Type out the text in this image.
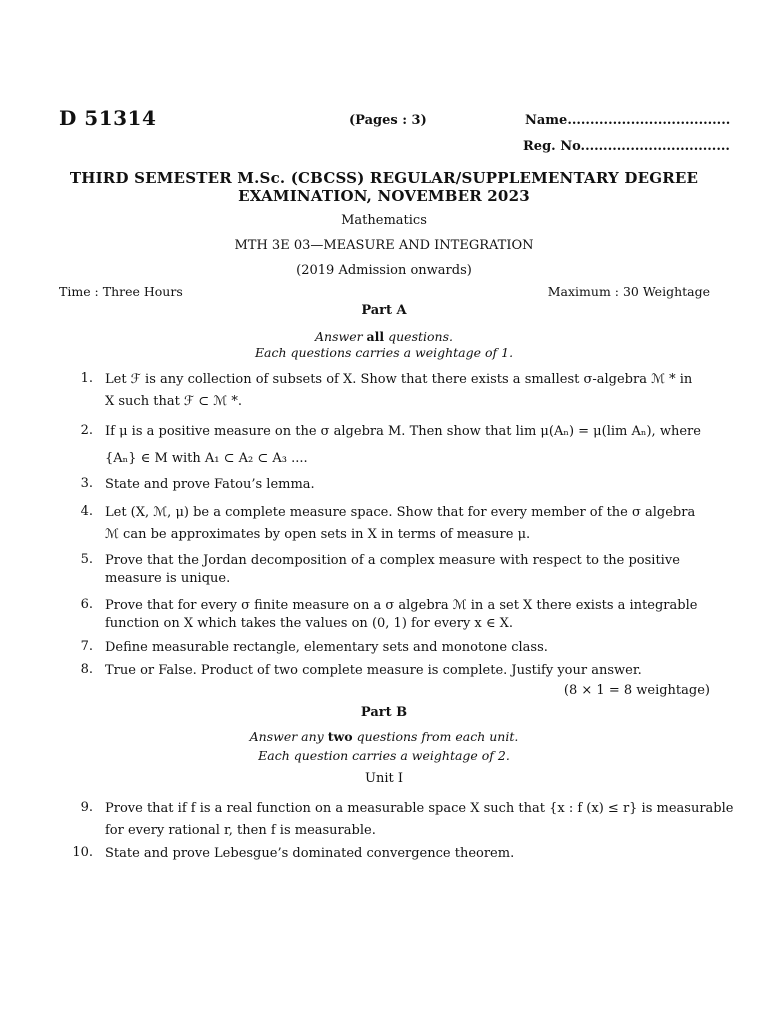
D 51314	(Pages : 3)	Name....................................
Reg. No.................................
THIRD SEMESTER M.Sc. (CBCSS) REGULAR/SUPPLEMENTARY DEGREE
EXAMINATION, NOVEMBER 2023
Mathematics
MTH 3E 03—MEASURE AND INTEGRATION
(2019 Admission onwards)
Time : Three Hours	Maximum : 30 Weightage
Part A
Answer all questions.
Each questions carries a weightage of 1.
1. Let ℱ is any collection of subsets of X. Show that there exists a smallest σ-algebra ℳ * in
X such that ℱ ⊂ ℳ *.
2. If μ is a positive measure on the σ algebra M. Then show that lim μ(Aₙ) = μ(lim Aₙ), where
{Aₙ} ∈ M with A₁ ⊂ A₂ ⊂ A₃ ....
3. State and prove Fatou’s lemma.
4. Let (X, ℳ, μ) be a complete measure space. Show that for every member of the σ algebra
ℳ can be approximates by open sets in X in terms of measure μ.
5. Prove that the Jordan decomposition of a complex measure with respect to the positive
measure is unique.
6. Prove that for every σ finite measure on a σ algebra ℳ in a set X there exists a integrable
function on X which takes the values on (0, 1) for every x ∈ X.
7. Define measurable rectangle, elementary sets and monotone class.
8. True or False. Product of two complete measure is complete. Justify your answer.
(8 × 1 = 8 weightage)
Part B
Answer any two questions from each unit.
Each question carries a weightage of 2.
Unit I
9. Prove that if f is a real function on a measurable space X such that {x : f (x) ≤ r} is measurable
for every rational r, then f is measurable.
10. State and prove Lebesgue’s dominated convergence theorem.
